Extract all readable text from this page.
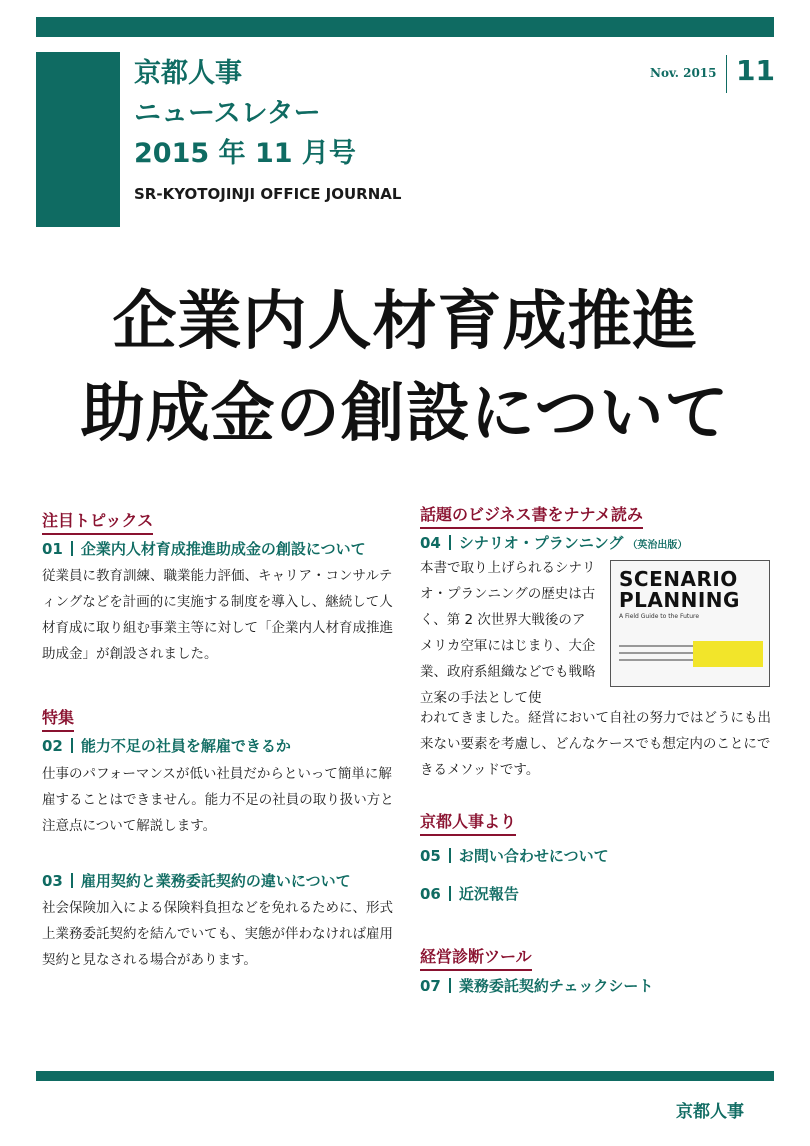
京都人事
ニュースレター
2015 年 11 月号
SR-KYOTOJINJI OFFICE JOURNAL
Nov. 2015 11
企業内人材育成推進
助成金の創設について
注目トピックス
01 企業内人材育成推進助成金の創設について
従業員に教育訓練、職業能力評価、キャリア・コンサルティングなどを計画的に実施する制度を導入し、継続して人材育成に取り組む事業主等に対して「企業内人材育成推進助成金」が創設されました。
特集
02 能力不足の社員を解雇できるか
仕事のパフォーマンスが低い社員だからといって簡単に解雇することはできません。能力不足の社員の取り扱い方と注意点について解説します。
03 雇用契約と業務委託契約の違いについて
社会保険加入による保険料負担などを免れるために、形式上業務委託契約を結んでいても、実態が伴わなければ雇用契約と見なされる場合があります。
話題のビジネス書をナナメ読み
04 シナリオ・プランニング （英治出版）
本書で取り上げられるシナリオ・プランニングの歴史は古く、第 2 次世界大戦後のアメリカ空軍にはじまり、大企業、政府系組織などでも戦略立案の手法として使
われてきました。経営において自社の努力ではどうにも出来ない要素を考慮し、どんなケースでも想定内のことにできるメソッドです。
SCENARIO
PLANNING
A Field Guide to the Future
京都人事より
05 お問い合わせについて
06 近況報告
経営診断ツール
07 業務委託契約チェックシート
京都人事
